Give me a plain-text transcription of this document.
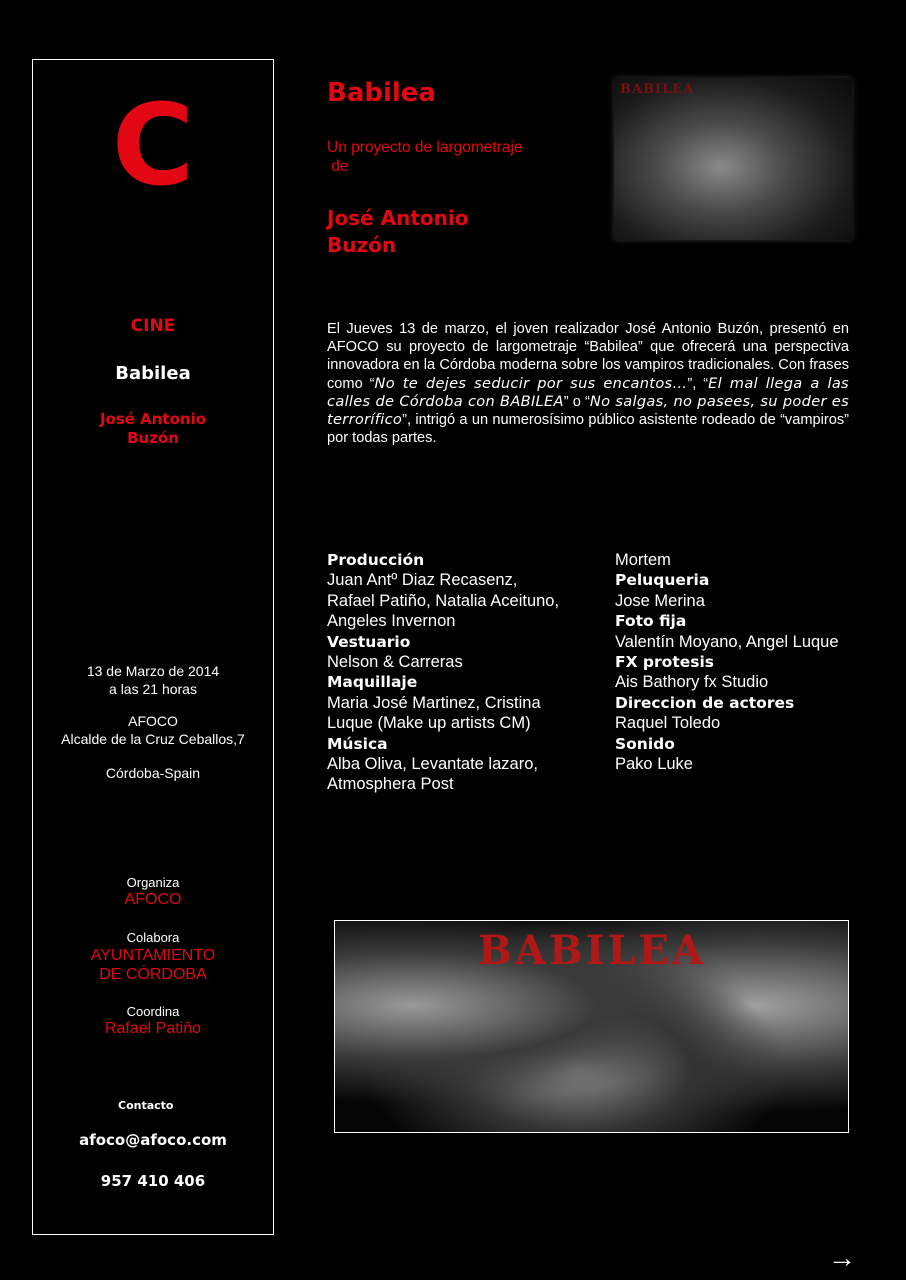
C
CINE
Babilea
José Antonio
Buzón
13 de Marzo de 2014
a las 21 horas
AFOCO
Alcalde de la Cruz Ceballos,7
Córdoba-Spain
Organiza
AFOCO
Colabora
AYUNTAMIENTO
DE CÓRDOBA
Coordina
Rafael Patiño
Contacto
afoco@afoco.com
957 410 406
Babilea
Un proyecto de largometraje
de
José Antonio
Buzón
BABILEA
El Jueves 13 de marzo, el joven realizador José Antonio Buzón, presentó en AFOCO su proyecto de largometraje “Babilea” que ofrecerá una perspectiva innovadora en la Córdoba moderna sobre los vampiros tradicionales. Con frases como “No te dejes seducir por sus encantos…”, “El mal llega a las calles de Córdoba con BABILEA” o “No salgas, no pasees, su poder es terrorífico”, intrigó a un numerosísimo público asistente rodeado de “vampiros” por todas partes.
Producción
Juan Antº Diaz Recasenz, Rafael Patiño, Natalia Aceituno, Angeles Invernon
Vestuario
Nelson & Carreras
Maquillaje
Maria José Martinez, Cristina Luque (Make up artists CM)
Música
Alba Oliva, Levantate lazaro, Atmosphera Post
Mortem
Peluqueria
Jose Merina
Foto fija
Valentín Moyano, Angel Luque
FX protesis
Ais Bathory fx Studio
Direccion de actores
Raquel Toledo
Sonido
Pako Luke
BABILEA
→
